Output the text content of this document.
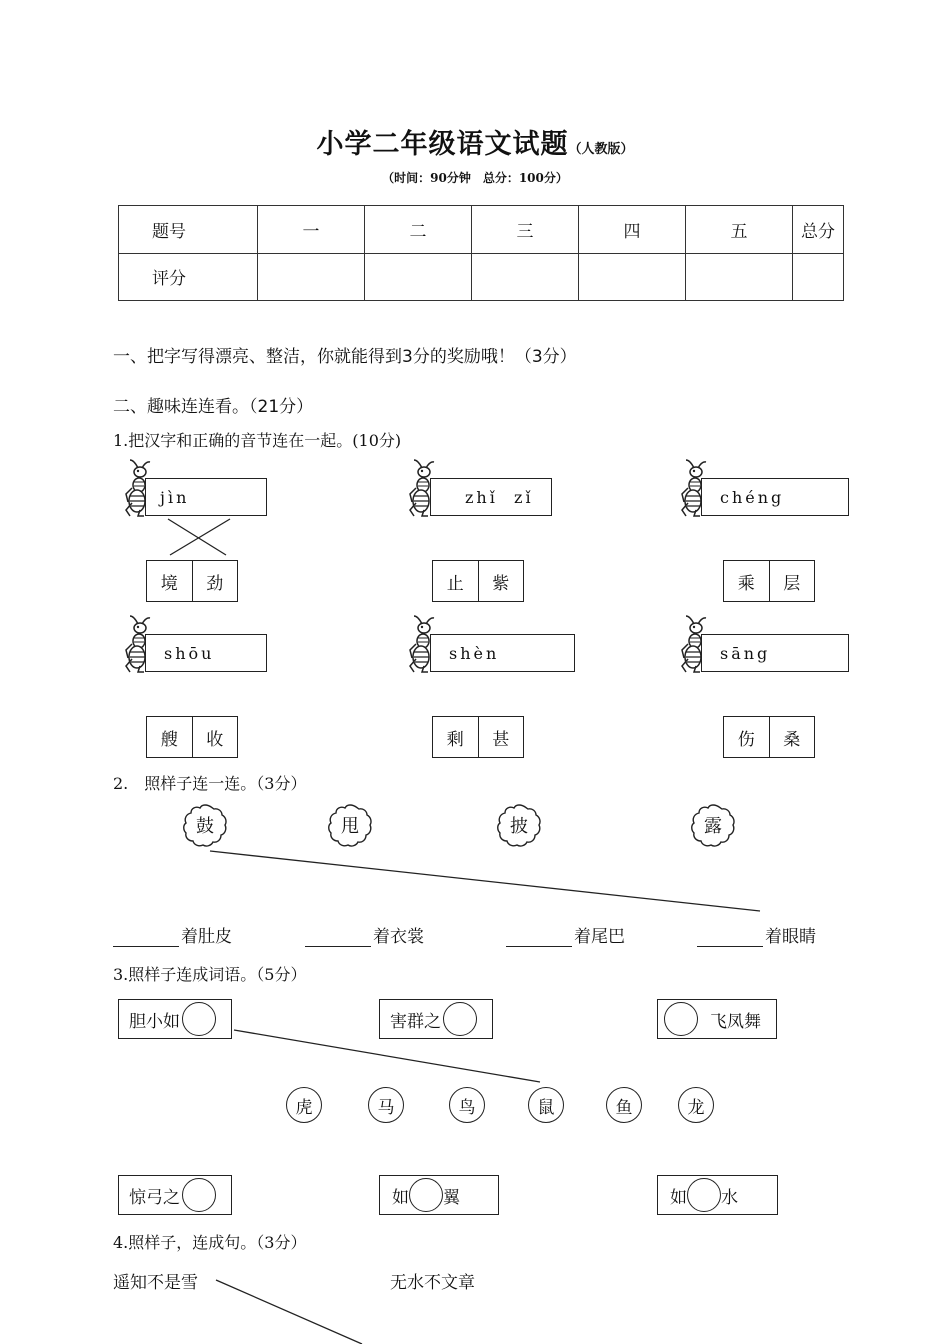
小学二年级语文试题（人教版）
（时间：90分钟　总分：100分）
题号	一	二	三	四	五	总分
评分						
一、把字写得漂亮、整洁，你就能得到3分的奖励哦！（3分）
二、趣味连连看。（21分）
1.把汉字和正确的音节连在一起。(10分)
jìn	zhǐ  zǐ	chéng
境	劲	止	紫	乘	层
shōu	shèn	sāng
艘	收	剩	甚	伤	桑
2.　照样子连一连。（3分）
鼓	甩	披	露
着肚皮	着衣裳	着尾巴	着眼睛
3.照样子连成词语。（5分）
胆小如	害群之	飞凤舞
虎	马	鸟	鼠	鱼	龙
惊弓之	如 翼	如 水
4.照样子，连成句。（3分）
遥知不是雪	无水不文章
